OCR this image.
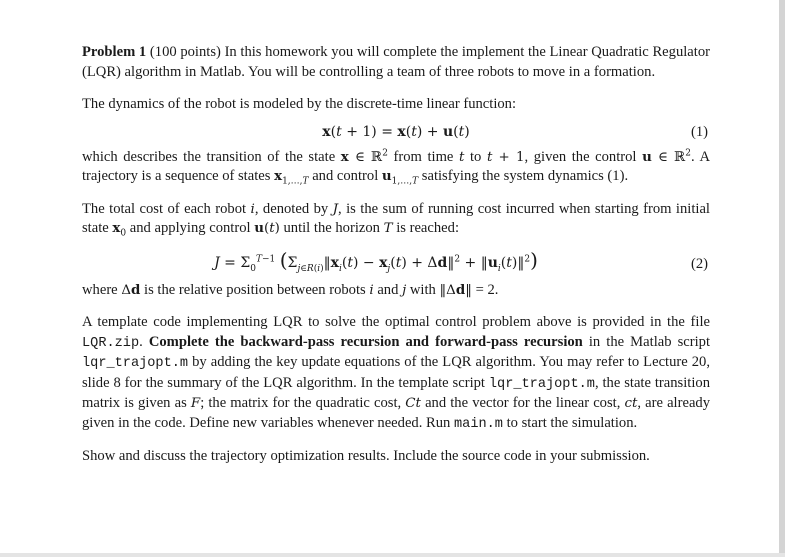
Problem 1 (100 points) In this homework you will complete the implement the Linear Quadratic Regulator (LQR) algorithm in Matlab. You will be controlling a team of three robots to move in a formation.

The dynamics of the robot is modeled by the discrete-time linear function:

x(t + 1) = x(t) + u(t)	(1)

which describes the transition of the state x ∈ ℝ$^2$ from time t to t + 1, given the control u ∈ ℝ$^2$. A trajectory is a sequence of states $x_{1,\dots,T}$ and control $u_{1,\dots,T}$ satisfying the system dynamics (1).

The total cost of each robot i, denoted by J, is the sum of running cost incurred when starting from initial state $x_0$ and applying control u(t) until the horizon T is reached:

$J = \Sigma_0^{T-1}$ ($\Sigma_{j\in R(i)}‖x_i(t) - x_j(t)$ + Δd‖$^2$ + $‖u_i(t)‖^2$)	(2)

where Δd is the relative position between robots i and j with ‖Δd‖ = 2.

A template code implementing LQR to solve the optimal control problem above is provided in the file LQR.zip. Complete the backward-pass recursion and forward-pass recursion in the Matlab script lqr_trajopt.m by adding the key update equations of the LQR algorithm. You may refer to Lecture 20, slide 8 for the summary of the LQR algorithm. In the template script lqr_trajopt.m, the state transition matrix is given as F; the matrix for the quadratic cost, Ct and the vector for the linear cost, ct, are already given in the code. Define new variables whenever needed. Run main.m to start the simulation.

Show and discuss the trajectory optimization results. Include the source code in your submission.
